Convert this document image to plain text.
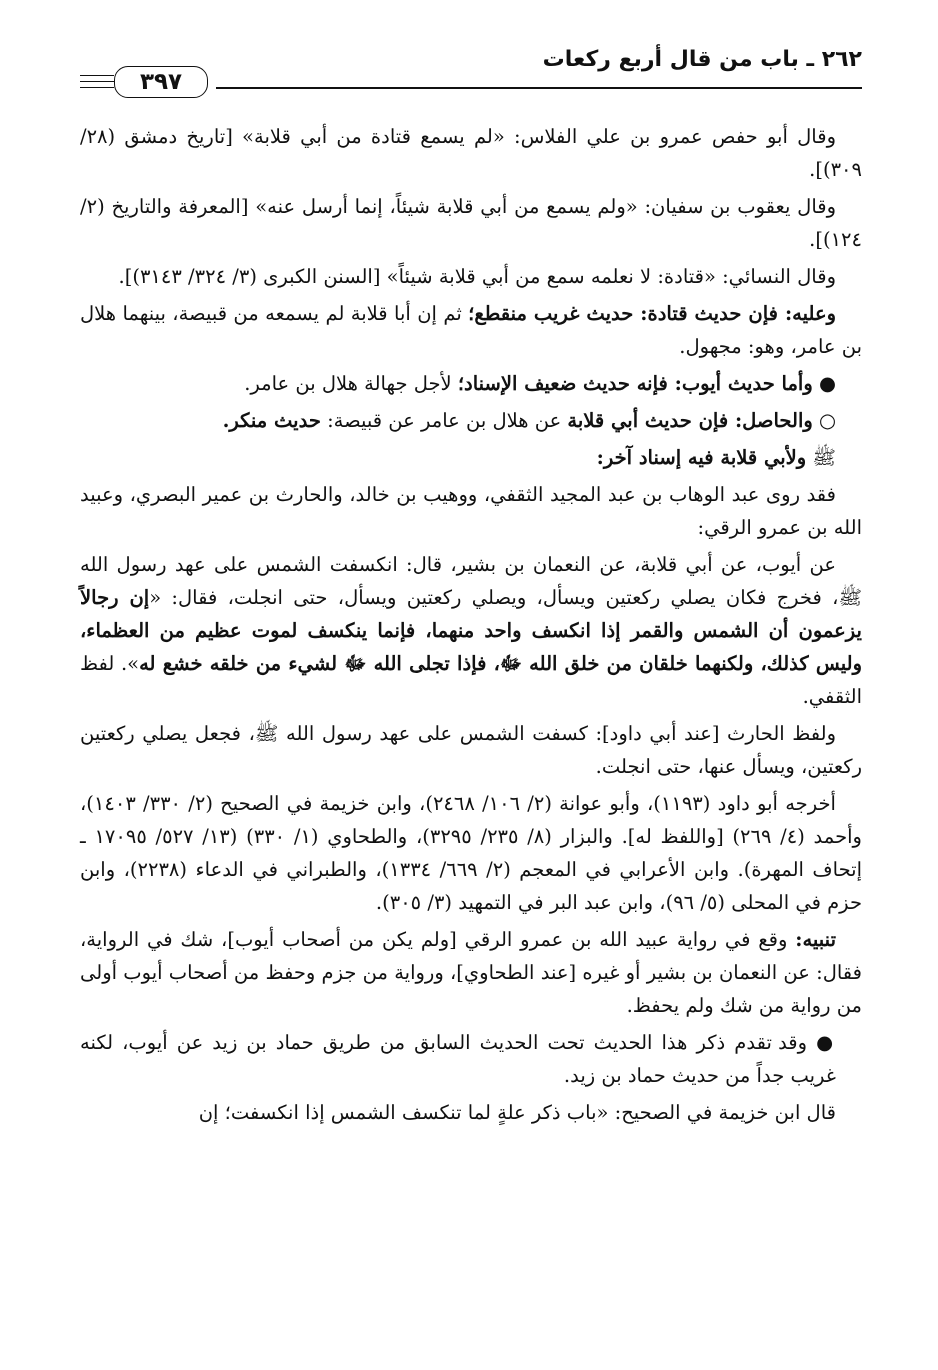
٢٦٢ ـ باب من قال أربع ركعات
٣٩٧

وقال أبو حفص عمرو بن علي الفلاس: «لم يسمع قتادة من أبي قلابة» [تاريخ دمشق (٢٨/ ٣٠٩)].

وقال يعقوب بن سفيان: «ولم يسمع من أبي قلابة شيئاً، إنما أرسل عنه» [المعرفة والتاريخ (٢/ ١٢٤)].

وقال النسائي: «قتادة: لا نعلمه سمع من أبي قلابة شيئاً» [السنن الكبرى (٣/ ٣٢٤/ ٣١٤٣)].

وعليه: فإن حديث قتادة: حديث غريب منقطع؛ ثم إن أبا قلابة لم يسمعه من قبيصة، بينهما هلال بن عامر، وهو: مجهول.

● وأما حديث أيوب: فإنه حديث ضعيف الإسناد؛ لأجل جهالة هلال بن عامر.

○ والحاصل: فإن حديث أبي قلابة عن هلال بن عامر عن قبيصة: حديث منكر.

ﷺ ولأبي قلابة فيه إسناد آخر:

فقد روى عبد الوهاب بن عبد المجيد الثقفي، ووهيب بن خالد، والحارث بن عمير البصري، وعبيد الله بن عمرو الرقي:

عن أيوب، عن أبي قلابة، عن النعمان بن بشير، قال: انكسفت الشمس على عهد رسول الله ﷺ، فخرج فكان يصلي ركعتين ويسأل، ويصلي ركعتين ويسأل، حتى انجلت، فقال: «إن رجالاً يزعمون أن الشمس والقمر إذا انكسف واحد منهما، فإنما ينكسف لموت عظيم من العظماء، وليس كذلك، ولكنهما خلقان من خلق الله ﷻ، فإذا تجلى الله ﷻ لشيء من خلقه خشع له». لفظ الثقفي.

ولفظ الحارث [عند أبي داود]: كسفت الشمس على عهد رسول الله ﷺ، فجعل يصلي ركعتين ركعتين، ويسأل عنها، حتى انجلت.

أخرجه أبو داود (١١٩٣)، وأبو عوانة (٢/ ١٠٦/ ٢٤٦٨)، وابن خزيمة في الصحيح (٢/ ٣٣٠/ ١٤٠٣)، وأحمد (٤/ ٢٦٩) [واللفظ له]. والبزار (٨/ ٢٣٥/ ٣٢٩٥)، والطحاوي (١/ ٣٣٠) (١٣/ ٥٢٧/ ١٧٠٩٥ ـ إتحاف المهرة). وابن الأعرابي في المعجم (٢/ ٦٦٩/ ١٣٣٤)، والطبراني في الدعاء (٢٢٣٨)، وابن حزم في المحلى (٥/ ٩٦)، وابن عبد البر في التمهيد (٣/ ٣٠٥).

تنبيه: وقع في رواية عبيد الله بن عمرو الرقي [ولم يكن من أصحاب أيوب]، شك في الرواية، فقال: عن النعمان بن بشير أو غيره [عند الطحاوي]، ورواية من جزم وحفظ من أصحاب أيوب أولى من رواية من شك ولم يحفظ.

● وقد تقدم ذكر هذا الحديث تحت الحديث السابق من طريق حماد بن زيد عن أيوب، لكنه غريب جداً من حديث حماد بن زيد.

قال ابن خزيمة في الصحيح: «باب ذكر علةٍ لما تنكسف الشمس إذا انكسفت؛ إن
